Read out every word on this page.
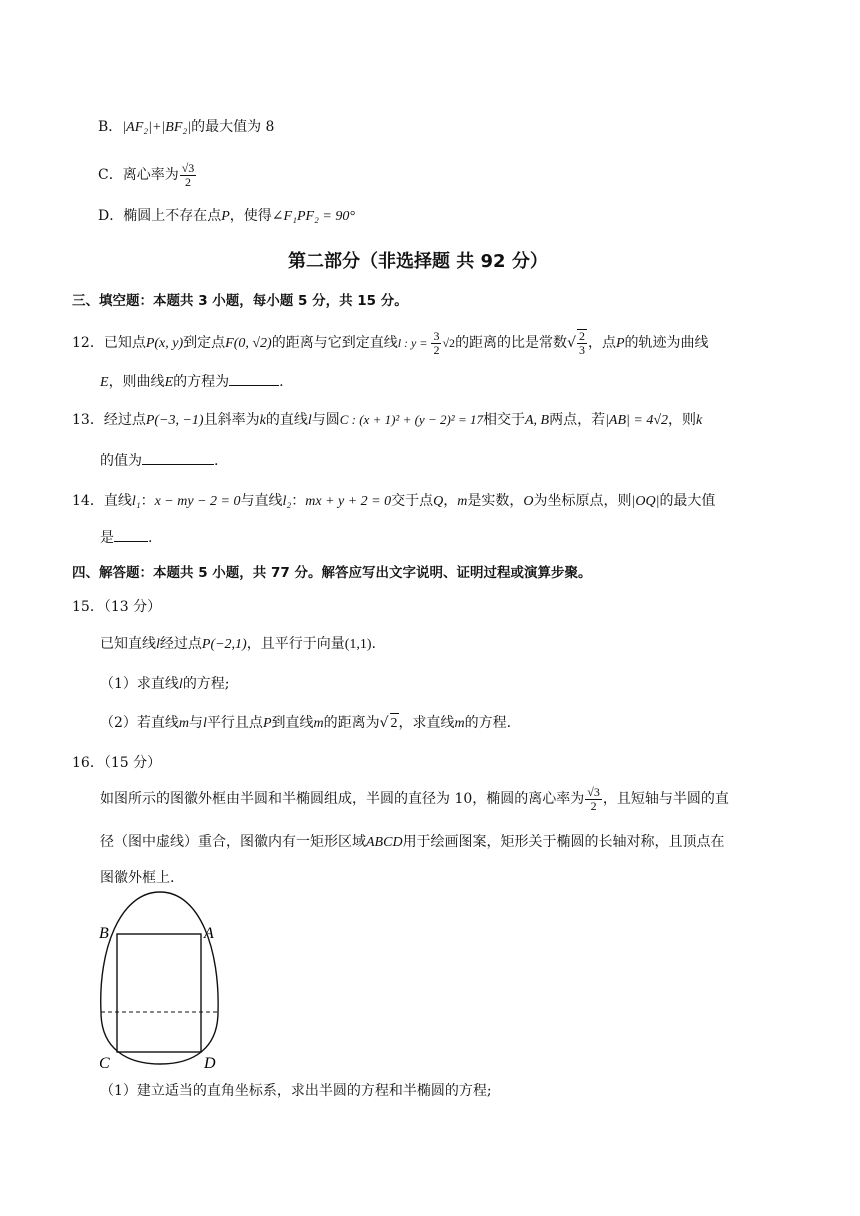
B．|AF₂|+|BF₂|的最大值为 8
C．离心率为 $\frac{√3}{2}$
D．椭圆上不存在点P，使得∠F₁PF₂ = 90°
第二部分（非选择题 共 92 分）
三、填空题：本题共 3 小题，每小题 5 分，共 15 分。
12．已知点P(x, y)到定点F(0, √2)的距离与它到定直线l : $y = \frac{3}{2} √2$的距离的比是常数√ $\frac{2}{3}$ ，点P的轨迹为曲线
E，则曲线E的方程为	.
13．经过点P(−3, −1)且斜率为k的直线l与圆C : (x + 1)² + (y − 2)² = 17相交于A, B两点，若|AB| = 4√2，则k
的值为	.
14．直线l₁：x − my − 2 = 0与直线l₂：mx + y + 2 = 0交于点Q，m是实数，O为坐标原点，则|OQ|的最大值
是 .
四、解答题：本题共 5 小题，共 77 分。解答应写出文字说明、证明过程或演算步聚。
15．（13 分）
已知直线l经过点P(−2,1)，且平行于向量(1,1).
（1）求直线l的方程;
（2）若直线m与l平行且点P到直线m的距离为√ 2，求直线m的方程.
16．（15 分）
如图所示的图徽外框由半圆和半椭圆组成，半圆的直径为 10，椭圆的离心率为 $\frac{√3}{2}$ ，且短轴与半圆的直
径（图中虚线）重合，图徽内有一矩形区域ABCD用于绘画图案，矩形关于椭圆的长轴对称，且顶点在
图徽外框上.
B	A
C	D
（1）建立适当的直角坐标系，求出半圆的方程和半椭圆的方程;
